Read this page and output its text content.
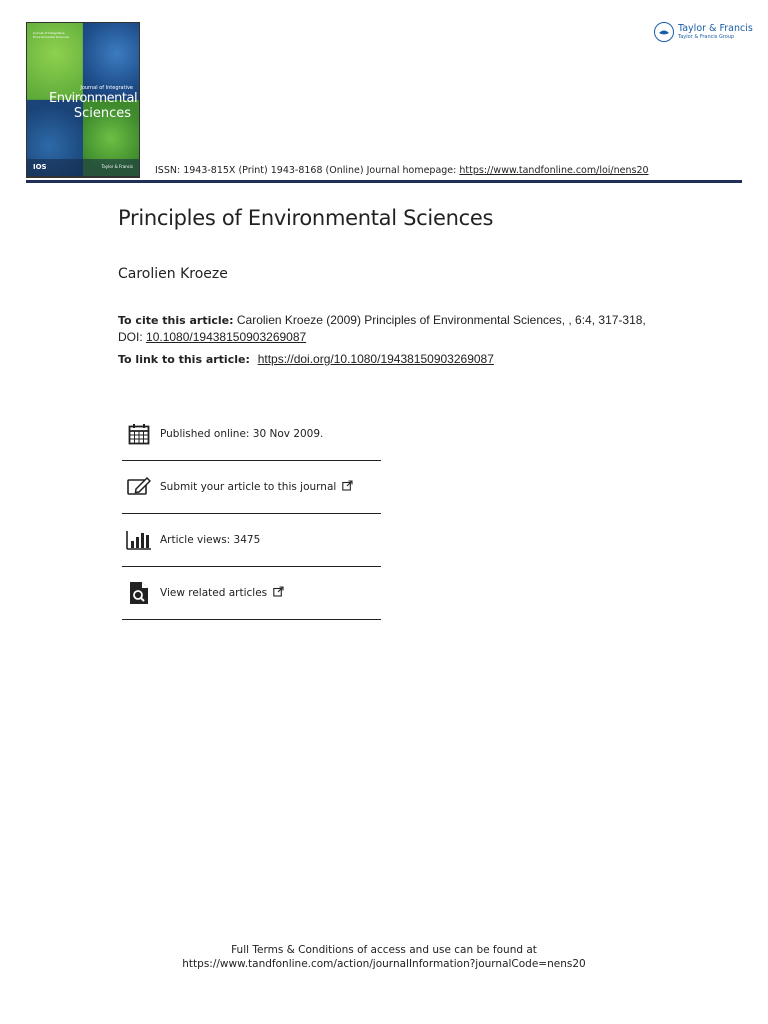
Journal of Integrative Environmental Sciences
Journal of Integrative
Environmental
Sciences
IOS	Taylor & Francis
Taylor & Francis
Taylor & Francis Group
ISSN: 1943-815X (Print) 1943-8168 (Online) Journal homepage: https://www.tandfonline.com/loi/nens20
Principles of Environmental Sciences
Carolien Kroeze
To cite this article: Carolien Kroeze (2009) Principles of Environmental Sciences, , 6:4, 317-318,
DOI: 10.1080/19438150903269087
To link to this article: https://doi.org/10.1080/19438150903269087
Published online: 30 Nov 2009.
Submit your article to this journal
Article views: 3475
View related articles
Full Terms & Conditions of access and use can be found at
https://www.tandfonline.com/action/journalInformation?journalCode=nens20
